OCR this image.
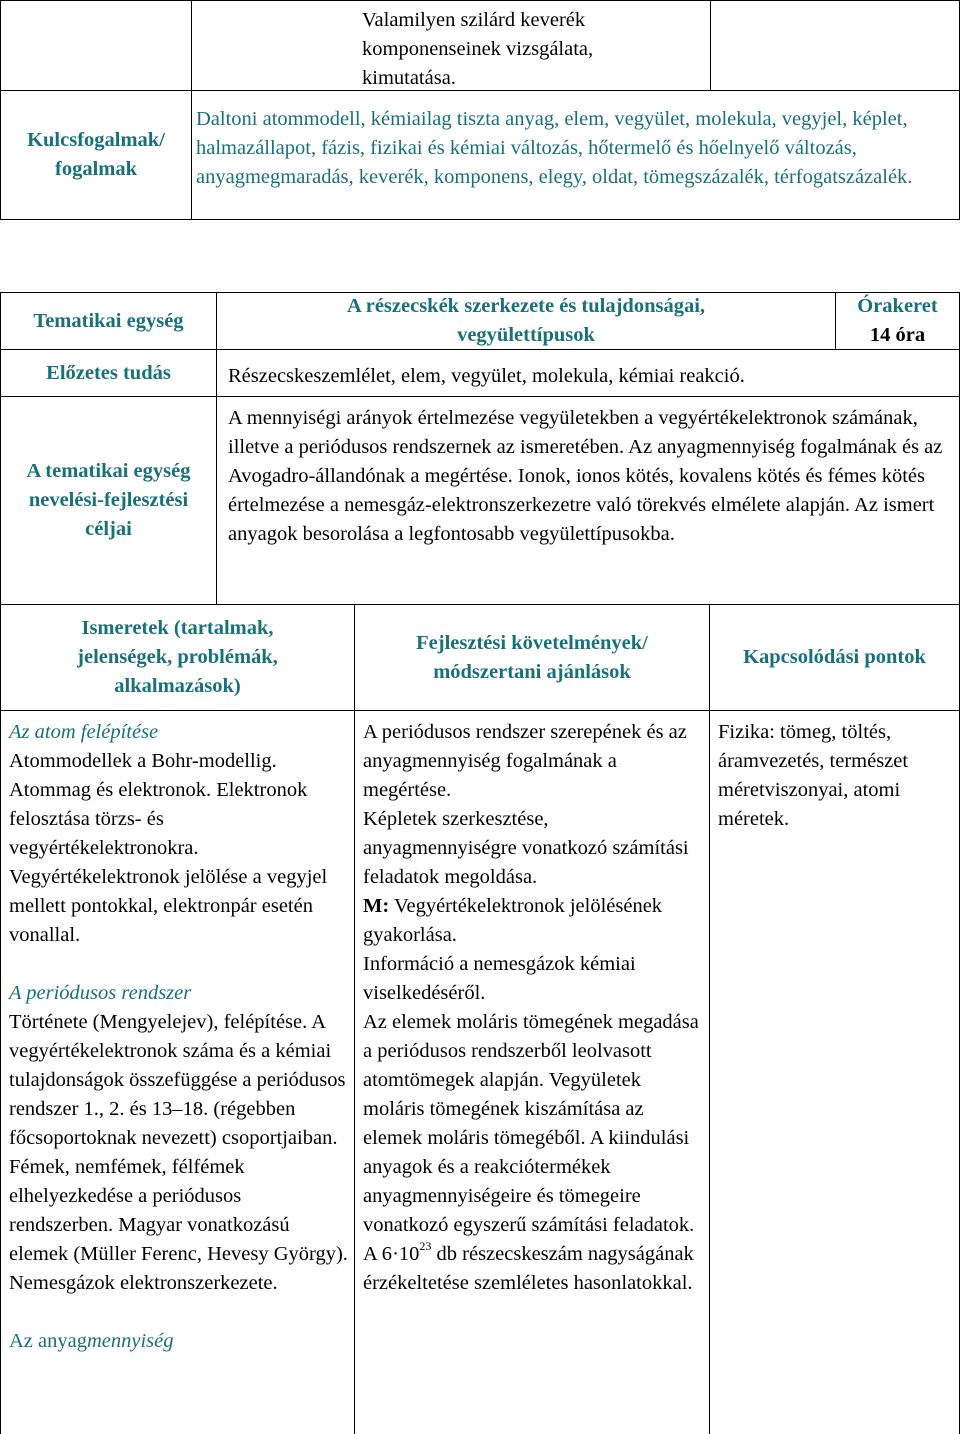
Valamilyen szilárd keverék komponenseinek vizsgálata, kimutatása.
Kulcsfogalmak/
fogalmak
Daltoni atommodell, kémiailag tiszta anyag, elem, vegyület, molekula, vegyjel, képlet, halmazállapot, fázis, fizikai és kémiai változás, hőtermelő és hőelnyelő változás, anyagmegmaradás, keverék, komponens, elegy, oldat, tömegszázalék, térfogatszázalék.
Tematikai egység
A részecskék szerkezete és tulajdonságai,
vegyülettípusok
Órakeret
14 óra
Előzetes tudás	Részecskeszemlélet, elem, vegyület, molekula, kémiai reakció.
A tematikai egység
nevelési-fejlesztési
céljai
A mennyiségi arányok értelmezése vegyületekben a vegyértékelektronok számának, illetve a periódusos rendszernek az ismeretében. Az anyagmennyiség fogalmának és az Avogadro-állandónak a megértése. Ionok, ionos kötés, kovalens kötés és fémes kötés értelmezése a nemesgáz-elektronszerkezetre való törekvés elmélete alapján. Az ismert anyagok besorolása a legfontosabb vegyülettípusokba.
Ismeretek (tartalmak,
jelenségek, problémák,
alkalmazások)
Fejlesztési követelmények/
módszertani ajánlások
Kapcsolódási pontok
Az atom felépítése
Atommodellek a Bohr-modellig. Atommag és elektronok. Elektronok felosztása törzs- és vegyértékelektronokra. Vegyértékelektronok jelölése a vegyjel mellett pontokkal, elektronpár esetén vonallal.
A periódusos rendszer
Története (Mengyelejev), felépítése. A vegyértékelektronok száma és a kémiai tulajdonságok összefüggése a periódusos rendszer 1., 2. és 13–18. (régebben főcsoportoknak nevezett) csoportjaiban. Fémek, nemfémek, félfémek elhelyezkedése a periódusos rendszerben. Magyar vonatkozású elemek (Müller Ferenc, Hevesy György). Nemesgázok elektronszerkezete.
Az anyagmennyiség
A periódusos rendszer szerepének és az anyagmennyiség fogalmának a megértése.
Képletek szerkesztése, anyagmennyiségre vonatkozó számítási feladatok megoldása.
M: Vegyértékelektronok jelölésének gyakorlása.
Információ a nemesgázok kémiai viselkedéséről.
Az elemek moláris tömegének megadása a periódusos rendszerből leolvasott atomtömegek alapján. Vegyületek moláris tömegének kiszámítása az elemek moláris tömegéből. A kiindulási anyagok és a reakciótermékek anyagmennyiségeire és tömegeire vonatkozó egyszerű számítási feladatok.
A $6\cdot 10^{23}$ db részecskeszám nagyságának érzékeltetése szemléletes hasonlatokkal.
Fizika: tömeg, töltés, áramvezetés, természet méretviszonyai, atomi méretek.
